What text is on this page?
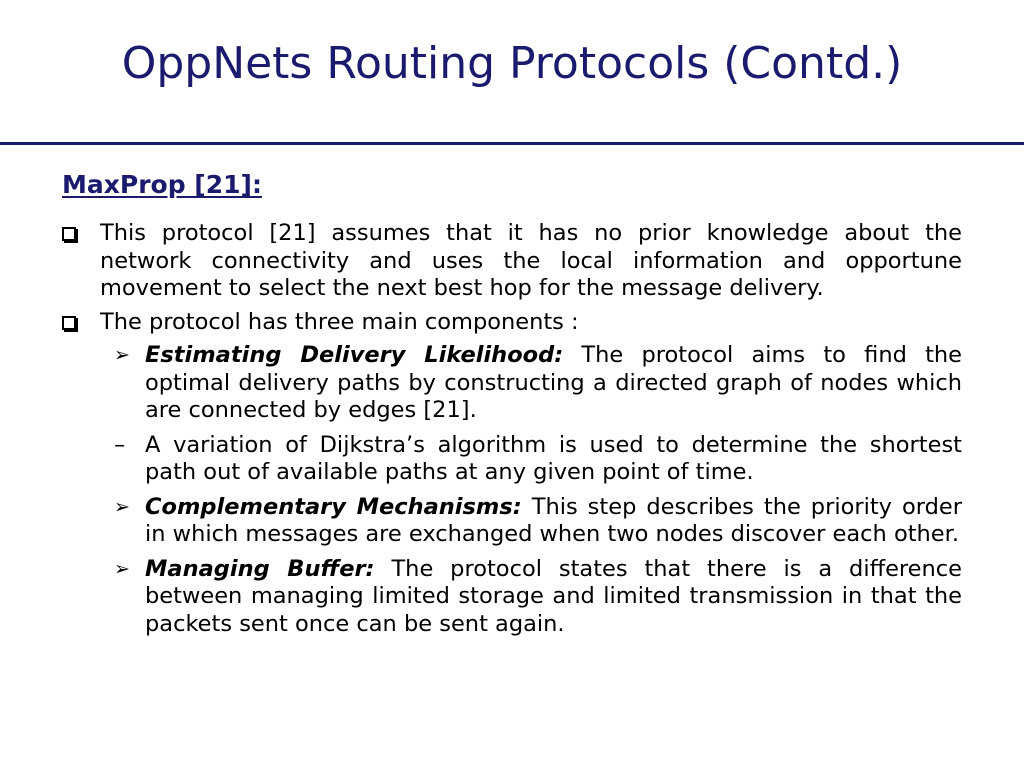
OppNets Routing Protocols (Contd.)
MaxProp [21]:
This protocol [21] assumes that it has no prior knowledge about the network connectivity and uses the local information and opportune movement to select the next best hop for the message delivery.
The protocol has three main components :
➢ Estimating Delivery Likelihood: The protocol aims to find the optimal delivery paths by constructing a directed graph of nodes which are connected by edges [21].
– A variation of Dijkstra’s algorithm is used to determine the shortest path out of available paths at any given point of time.
➢ Complementary Mechanisms: This step describes the priority order in which messages are exchanged when two nodes discover each other.
➢ Managing Buffer: The protocol states that there is a difference between managing limited storage and limited transmission in that the packets sent once can be sent again.
